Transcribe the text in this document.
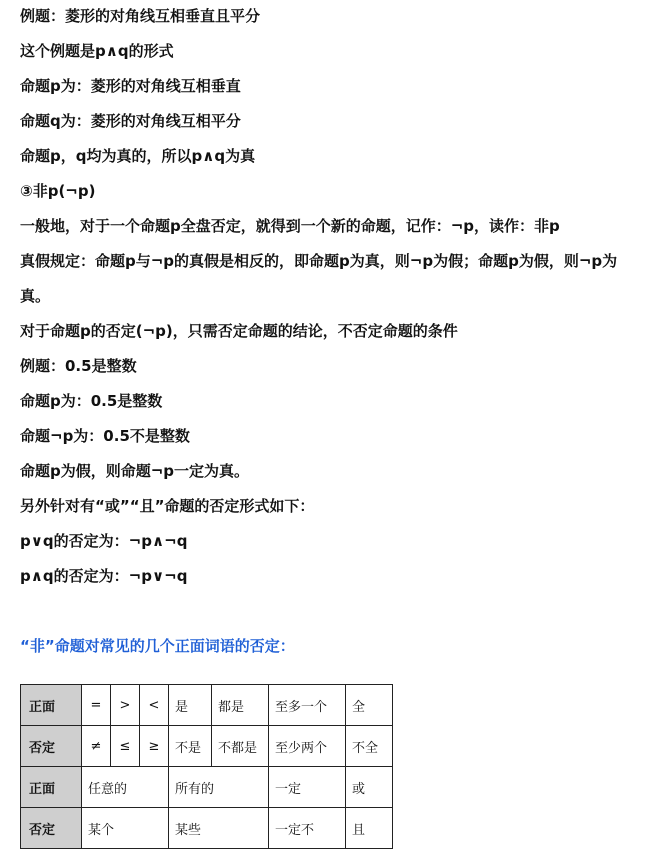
例题：菱形的对角线互相垂直且平分
这个例题是p∧q的形式
命题p为：菱形的对角线互相垂直
命题q为：菱形的对角线互相平分
命题p，q均为真的，所以p∧q为真
③非p(¬p)
一般地，对于一个命题p全盘否定，就得到一个新的命题，记作：¬p，读作：非p
真假规定：命题p与¬p的真假是相反的，即命题p为真，则¬p为假；命题p为假，则¬p为
真。
对于命题p的否定(¬p)，只需否定命题的结论，不否定命题的条件
例题：0.5是整数
命题p为：0.5是整数
命题¬p为：0.5不是整数
命题p为假，则命题¬p一定为真。
另外针对有“或”“且”命题的否定形式如下：
p∨q的否定为：¬p∧¬q
p∧q的否定为：¬p∨¬q
“非”命题对常见的几个正面词语的否定：
正面	=	>	<	是	都是	至多一个	全
否定	≠	≤	≥	不是	不都是	至少两个	不全
正面	任意的			所有的		一定	或
否定	某个			某些		一定不	且
